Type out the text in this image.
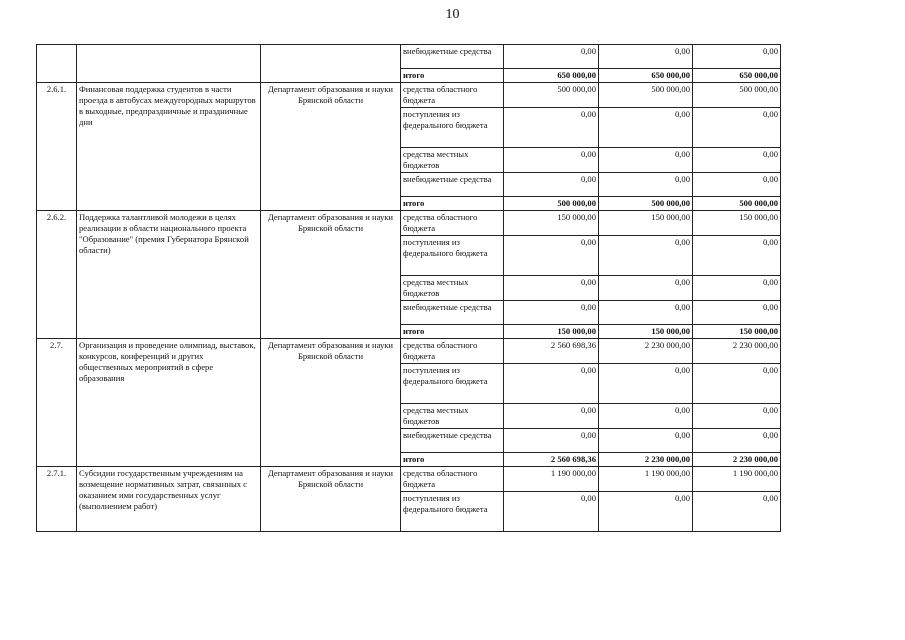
10
			внебюджетные средства	0,00	0,00	0,00
			итого	650 000,00	650 000,00	650 000,00
2.6.1.	Финансовая поддержка студентов в части проезда в автобусах междугородных маршрутов в выходные, предпраздничные и праздничные дни	Департамент образования и науки Брянской области	средства областного бюджета	500 000,00	500 000,00	500 000,00
			поступления из федерального бюджета	0,00	0,00	0,00
			средства местных бюджетов	0,00	0,00	0,00
			внебюджетные средства	0,00	0,00	0,00
			итого	500 000,00	500 000,00	500 000,00
2.6.2.	Поддержка талантливой молодежи в целях реализации в области национального проекта "Образование" (премия Губернатора Брянской области)	Департамент образования и науки Брянской области	средства областного бюджета	150 000,00	150 000,00	150 000,00
			поступления из федерального бюджета	0,00	0,00	0,00
			средства местных бюджетов	0,00	0,00	0,00
			внебюджетные средства	0,00	0,00	0,00
			итого	150 000,00	150 000,00	150 000,00
2.7.	Организация и проведение олимпиад, выставок, конкурсов, конференций и других общественных мероприятий в сфере образования	Департамент образования и науки Брянской области	средства областного бюджета	2 560 698,36	2 230 000,00	2 230 000,00
			поступления из федерального бюджета	0,00	0,00	0,00
			средства местных бюджетов	0,00	0,00	0,00
			внебюджетные средства	0,00	0,00	0,00
			итого	2 560 698,36	2 230 000,00	2 230 000,00
2.7.1.	Субсидии государственным учреждениям на возмещение нормативных затрат, связанных с оказанием ими государственных услуг (выполнением работ)	Департамент образования и науки Брянской области	средства областного бюджета	1 190 000,00	1 190 000,00	1 190 000,00
			поступления из федерального бюджета	0,00	0,00	0,00
